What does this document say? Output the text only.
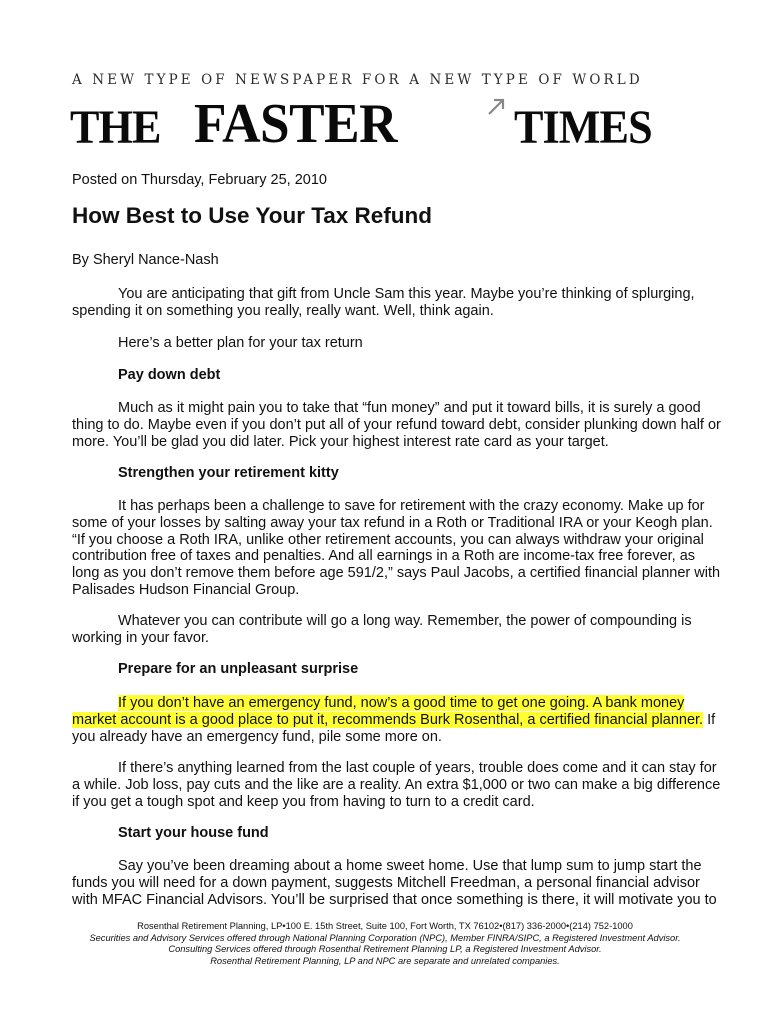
A NEW TYPE OF NEWSPAPER FOR A NEW TYPE OF WORLD
THE FASTER TIMES
Posted on Thursday, February 25, 2010
How Best to Use Your Tax Refund
By Sheryl Nance-Nash

You are anticipating that gift from Uncle Sam this year. Maybe you’re thinking of splurging,
spending it on something you really, really want. Well, think again.

Here’s a better plan for your tax return

Pay down debt

Much as it might pain you to take that “fun money” and put it toward bills, it is surely a good
thing to do. Maybe even if you don’t put all of your refund toward debt, consider plunking down half or
more. You’ll be glad you did later. Pick your highest interest rate card as your target.

Strengthen your retirement kitty

It has perhaps been a challenge to save for retirement with the crazy economy. Make up for
some of your losses by salting away your tax refund in a Roth or Traditional IRA or your Keogh plan.
“If you choose a Roth IRA, unlike other retirement accounts, you can always withdraw your original
contribution free of taxes and penalties. And all earnings in a Roth are income-tax free forever, as
long as you don’t remove them before age 591/2,” says Paul Jacobs, a certified financial planner with
Palisades Hudson Financial Group.

Whatever you can contribute will go a long way. Remember, the power of compounding is
working in your favor.

Prepare for an unpleasant surprise

If you don’t have an emergency fund, now’s a good time to get one going. A bank money
market account is a good place to put it, recommends Burk Rosenthal, a certified financial planner. If
you already have an emergency fund, pile some more on.

If there’s anything learned from the last couple of years, trouble does come and it can stay for
a while. Job loss, pay cuts and the like are a reality. An extra $1,000 or two can make a big difference
if you get a tough spot and keep you from having to turn to a credit card.

Start your house fund

Say you’ve been dreaming about a home sweet home. Use that lump sum to jump start the
funds you will need for a down payment, suggests Mitchell Freedman, a personal financial advisor
with MFAC Financial Advisors. You’ll be surprised that once something is there, it will motivate you to

Rosenthal Retirement Planning, LP•100 E. 15th Street, Suite 100, Fort Worth, TX 76102•(817) 336-2000•(214) 752-1000
Securities and Advisory Services offered through National Planning Corporation (NPC), Member FINRA/SIPC, a Registered Investment Advisor.
Consulting Services offered through Rosenthal Retirement Planning LP, a Registered Investment Advisor.
Rosenthal Retirement Planning, LP and NPC are separate and unrelated companies.
